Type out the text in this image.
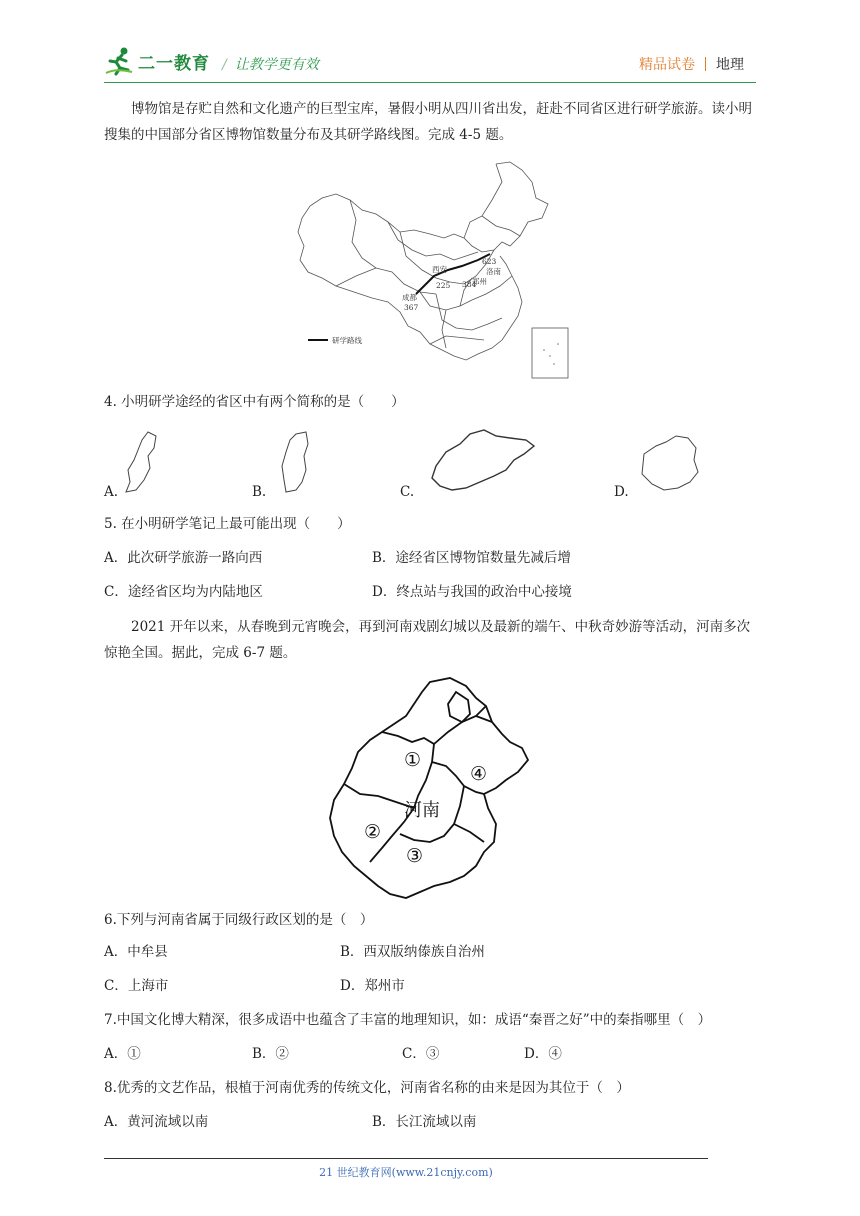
二一教育 / 让教学更有效	精品试卷 地理
博物馆是存贮自然和文化遗产的巨型宝库，暑假小明从四川省出发，赶赴不同省区进行研学旅游。读小明搜集的中国部分省区博物馆数量分布及其研学路线图。完成 4-5 题。
西安
225 384
623
洛南
郑州
成都
367
研学路线
4. 小明研学途经的省区中有两个简称的是（　　）
A.	B.	C.	D.
5. 在小明研学笔记上最可能出现（　　）
A．此次研学旅游一路向西	B．途经省区博物馆数量先减后增
C．途经省区均为内陆地区	D．终点站与我国的政治中心接境
2021 开年以来，从春晚到元宵晚会，再到河南戏剧幻城以及最新的端午、中秋奇妙游等活动，河南多次惊艳全国。据此，完成 6-7 题。
①
②
③
④
河南
6.下列与河南省属于同级行政区划的是（　）
A．中牟县	B．西双版纳傣族自治州
C．上海市	D．郑州市
7.中国文化博大精深，很多成语中也蕴含了丰富的地理知识，如：成语“秦晋之好”中的秦指哪里（　）
A．①	B．②	C．③	D．④
8.优秀的文艺作品，根植于河南优秀的传统文化，河南省名称的由来是因为其位于（　）
A．黄河流域以南	B．长江流域以南
21 世纪教育网(www.21cnjy.com)
